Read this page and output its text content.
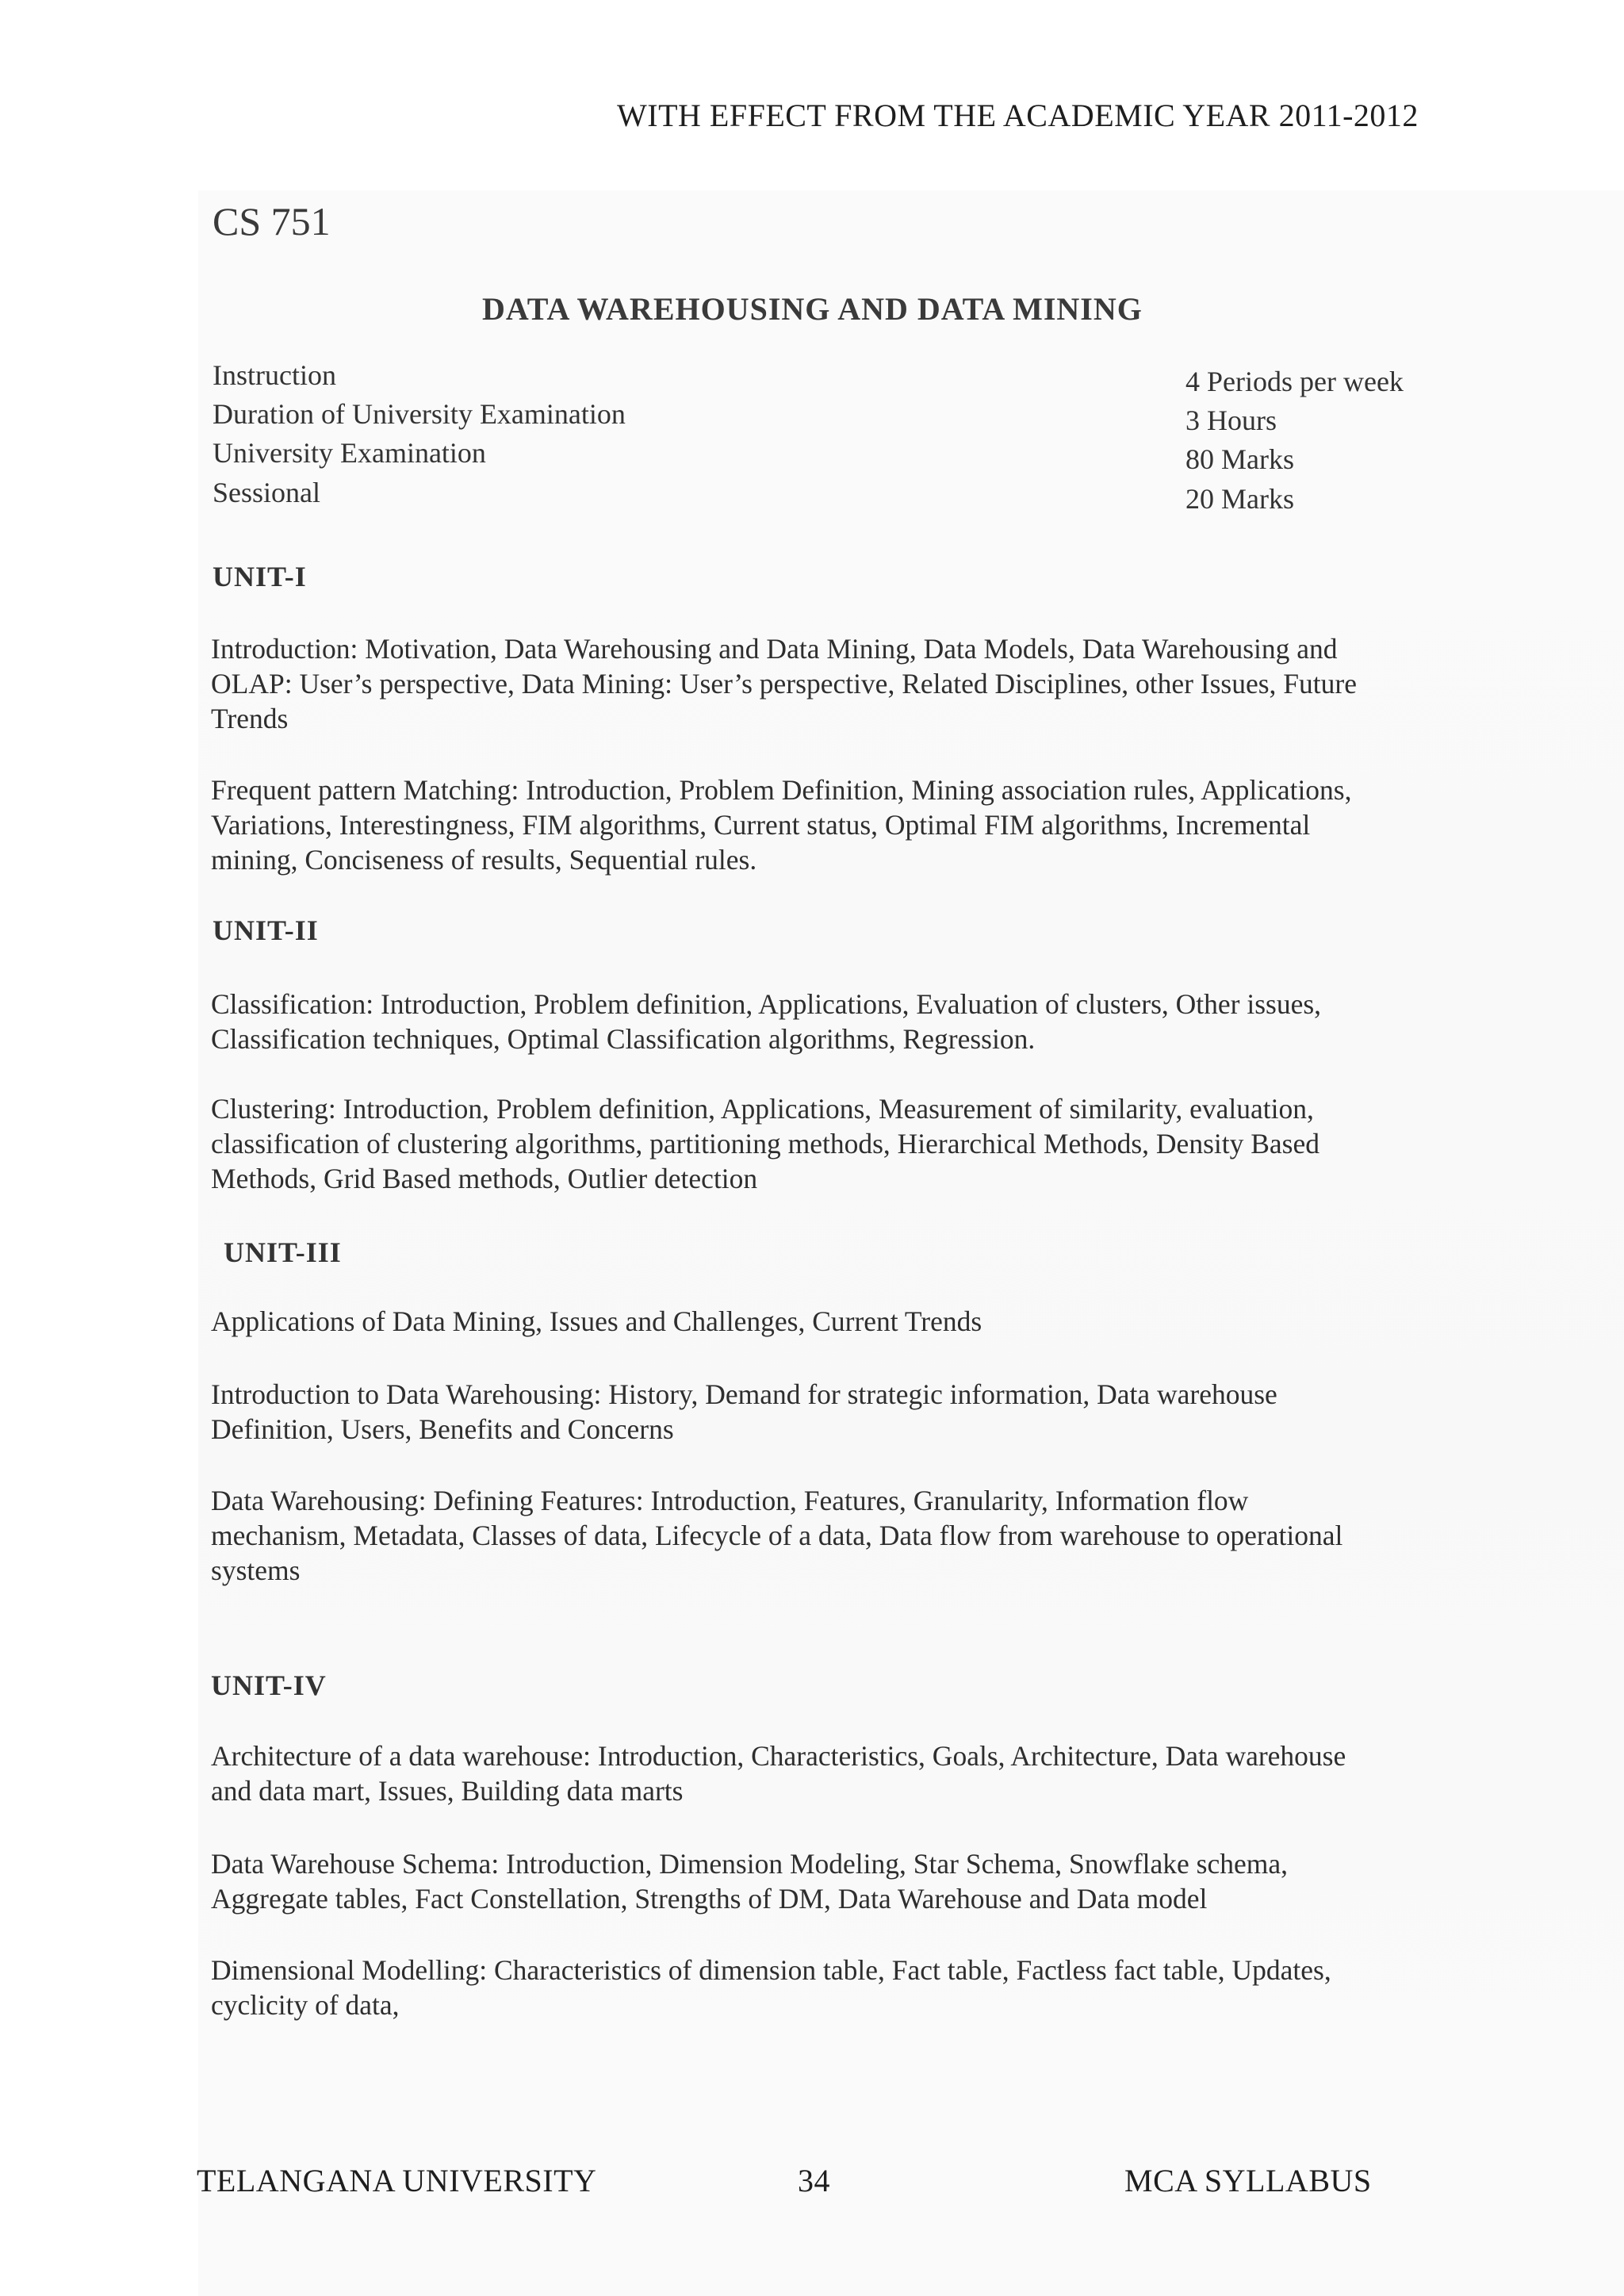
WITH EFFECT FROM THE ACADEMIC YEAR 2011-2012
CS 751
DATA WAREHOUSING AND DATA MINING
Instruction
Duration of University Examination
University Examination
Sessional
4 Periods per week
3 Hours
80 Marks
20 Marks
UNIT-I
Introduction: Motivation, Data Warehousing and Data Mining, Data Models, Data Warehousing and
OLAP: User’s perspective, Data Mining: User’s perspective, Related Disciplines, other Issues, Future
Trends
Frequent pattern Matching: Introduction, Problem Definition, Mining association rules, Applications,
Variations, Interestingness, FIM algorithms, Current status, Optimal FIM algorithms, Incremental
mining, Conciseness of results, Sequential rules.
UNIT-II
Classification: Introduction, Problem definition, Applications, Evaluation of clusters, Other issues,
Classification techniques, Optimal Classification algorithms, Regression.
Clustering: Introduction, Problem definition, Applications, Measurement of similarity, evaluation,
classification of clustering algorithms, partitioning methods, Hierarchical Methods, Density Based
Methods, Grid Based methods, Outlier detection
UNIT-III
Applications of Data Mining, Issues and Challenges, Current Trends
Introduction to Data Warehousing: History, Demand for strategic information, Data warehouse
Definition, Users, Benefits and Concerns
Data Warehousing: Defining Features: Introduction, Features, Granularity, Information flow
mechanism, Metadata, Classes of data, Lifecycle of a data, Data flow from warehouse to operational
systems
UNIT-IV
Architecture of a data warehouse: Introduction, Characteristics, Goals, Architecture, Data warehouse
and data mart, Issues, Building data marts
Data Warehouse Schema: Introduction, Dimension Modeling, Star Schema, Snowflake schema,
Aggregate tables, Fact Constellation, Strengths of DM, Data Warehouse and Data model
Dimensional Modelling: Characteristics of dimension table, Fact table, Factless fact table, Updates,
cyclicity of data,
TELANGANA UNIVERSITY	34	MCA SYLLABUS
